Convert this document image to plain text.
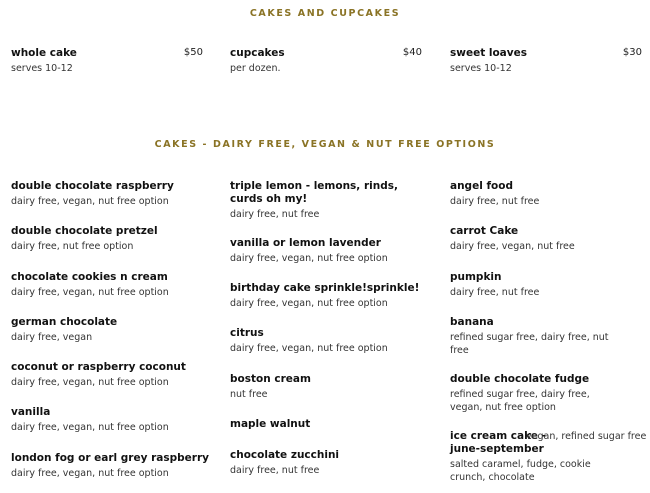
CAKES AND CUPCAKES
whole cake
serves 10-12
$50	cupcakes
per dozen.
$40	sweet loaves
serves 10-12
$30
CAKES - DAIRY FREE, VEGAN & NUT FREE OPTIONS
double chocolate raspberry
dairy free, vegan, nut free option
double chocolate pretzel
dairy free, nut free option
chocolate cookies n cream
dairy free, vegan, nut free option
german chocolate
dairy free, vegan
coconut or raspberry coconut
dairy free, vegan, nut free option
vanilla
dairy free, vegan, nut free option
london fog or earl grey raspberry
dairy free, vegan, nut free option
triple lemon - lemons, rinds, curds oh my!
dairy free, nut free
vanilla or lemon lavender
dairy free, vegan, nut free option
birthday cake sprinkle!sprinkle!
dairy free, vegan, nut free option
citrus
dairy free, vegan, nut free option
boston cream
nut free
maple walnut
chocolate zucchini
dairy free, nut free
angel food
dairy free, nut free
carrot Cake
dairy free, vegan, nut free
pumpkin
dairy free, nut free
banana
refined sugar free, dairy free, nut free
double chocolate fudge
refined sugar free, dairy free, vegan, nut free option
ice cream cake - june-september
vegan, refined sugar free
salted caramel, fudge, cookie crunch, chocolate
